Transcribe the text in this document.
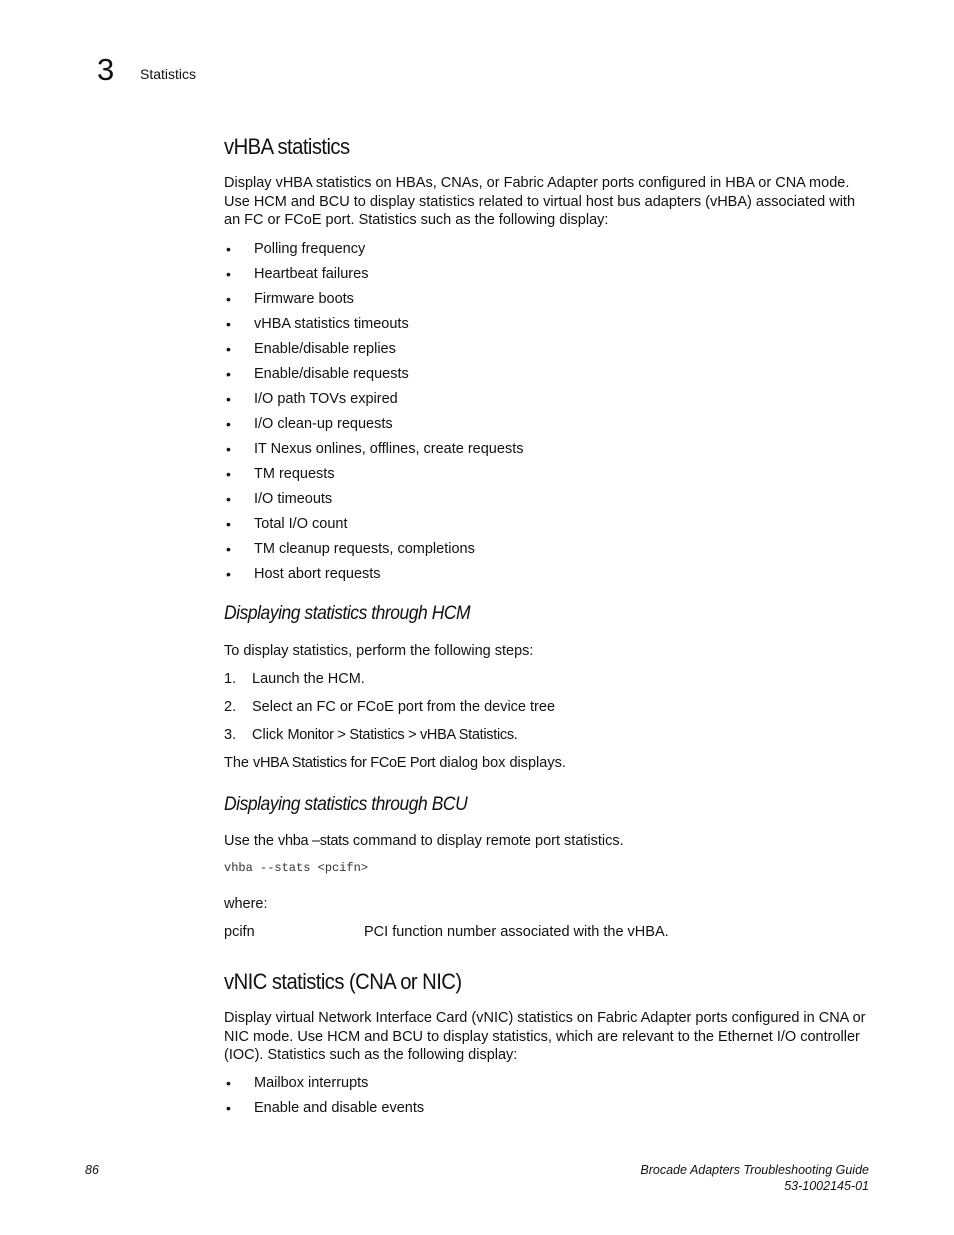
3 Statistics
vHBA statistics

Display vHBA statistics on HBAs, CNAs, or Fabric Adapter ports configured in HBA or CNA mode. Use HCM and BCU to display statistics related to virtual host bus adapters (vHBA) associated with an FC or FCoE port. Statistics such as the following display:

•	Polling frequency
•	Heartbeat failures
•	Firmware boots
•	vHBA statistics timeouts
•	Enable/disable replies
•	Enable/disable requests
•	I/O path TOVs expired
•	I/O clean-up requests
•	IT Nexus onlines, offlines, create requests
•	TM requests
•	I/O timeouts
•	Total I/O count
•	TM cleanup requests, completions
•	Host abort requests
Displaying statistics through HCM

To display statistics, perform the following steps:

1. Launch the HCM.
2. Select an FC or FCoE port from the device tree
3. Click Monitor > Statistics > vHBA Statistics.

The vHBA Statistics for FCoE Port dialog box displays.

Displaying statistics through BCU

Use the vhba –stats command to display remote port statistics.

vhba --stats <pcifn>

where:

pcifn	PCI function number associated with the vHBA.

vNIC statistics (CNA or NIC)

Display virtual Network Interface Card (vNIC) statistics on Fabric Adapter ports configured in CNA or NIC mode. Use HCM and BCU to display statistics, which are relevant to the Ethernet I/O controller (IOC). Statistics such as the following display:

•	Mailbox interrupts
•	Enable and disable events
86	Brocade Adapters Troubleshooting Guide
53-1002145-01
